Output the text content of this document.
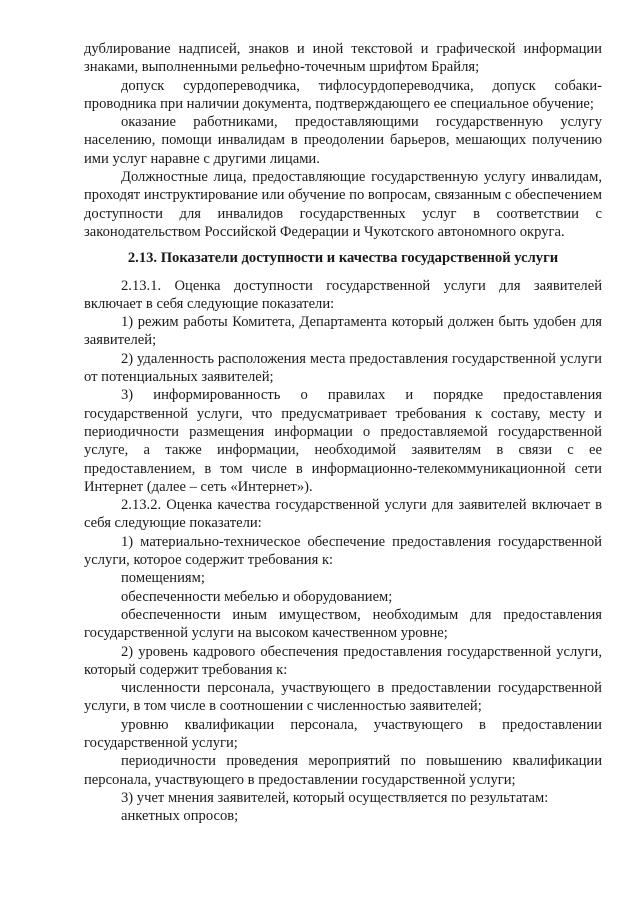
дублирование надписей, знаков и иной текстовой и графической информации знаками, выполненными рельефно-точечным шрифтом Брайля;

допуск сурдопереводчика, тифлосурдопереводчика, допуск собаки-проводника при наличии документа, подтверждающего ее специальное обучение;

оказание работниками, предоставляющими государственную услугу населению, помощи инвалидам в преодолении барьеров, мешающих получению ими услуг наравне с другими лицами.

Должностные лица, предоставляющие государственную услугу инвалидам, проходят инструктирование или обучение по вопросам, связанным с обеспечением доступности для инвалидов государственных услуг в соответствии с законодательством Российской Федерации и Чукотского автономного округа.

2.13. Показатели доступности и качества государственной услуги

2.13.1. Оценка доступности государственной услуги для заявителей включает в себя следующие показатели:

1) режим работы Комитета, Департамента который должен быть удобен для заявителей;

2) удаленность расположения места предоставления государственной услуги от потенциальных заявителей;

3) информированность о правилах и порядке предоставления государственной услуги, что предусматривает требования к составу, месту и периодичности размещения информации о предоставляемой государственной услуге, а также информации, необходимой заявителям в связи с ее предоставлением, в том числе в информационно-телекоммуникационной сети Интернет (далее – сеть «Интернет»).

2.13.2. Оценка качества государственной услуги для заявителей включает в себя следующие показатели:

1) материально-техническое обеспечение предоставления государственной услуги, которое содержит требования к:

помещениям;

обеспеченности мебелью и оборудованием;

обеспеченности иным имуществом, необходимым для предоставления государственной услуги на высоком качественном уровне;

2) уровень кадрового обеспечения предоставления государственной услуги, который содержит требования к:

численности персонала, участвующего в предоставлении государственной услуги, в том числе в соотношении с численностью заявителей;

уровню квалификации персонала, участвующего в предоставлении государственной услуги;

периодичности проведения мероприятий по повышению квалификации персонала, участвующего в предоставлении государственной услуги;

3) учет мнения заявителей, который осуществляется по результатам:

анкетных опросов;
